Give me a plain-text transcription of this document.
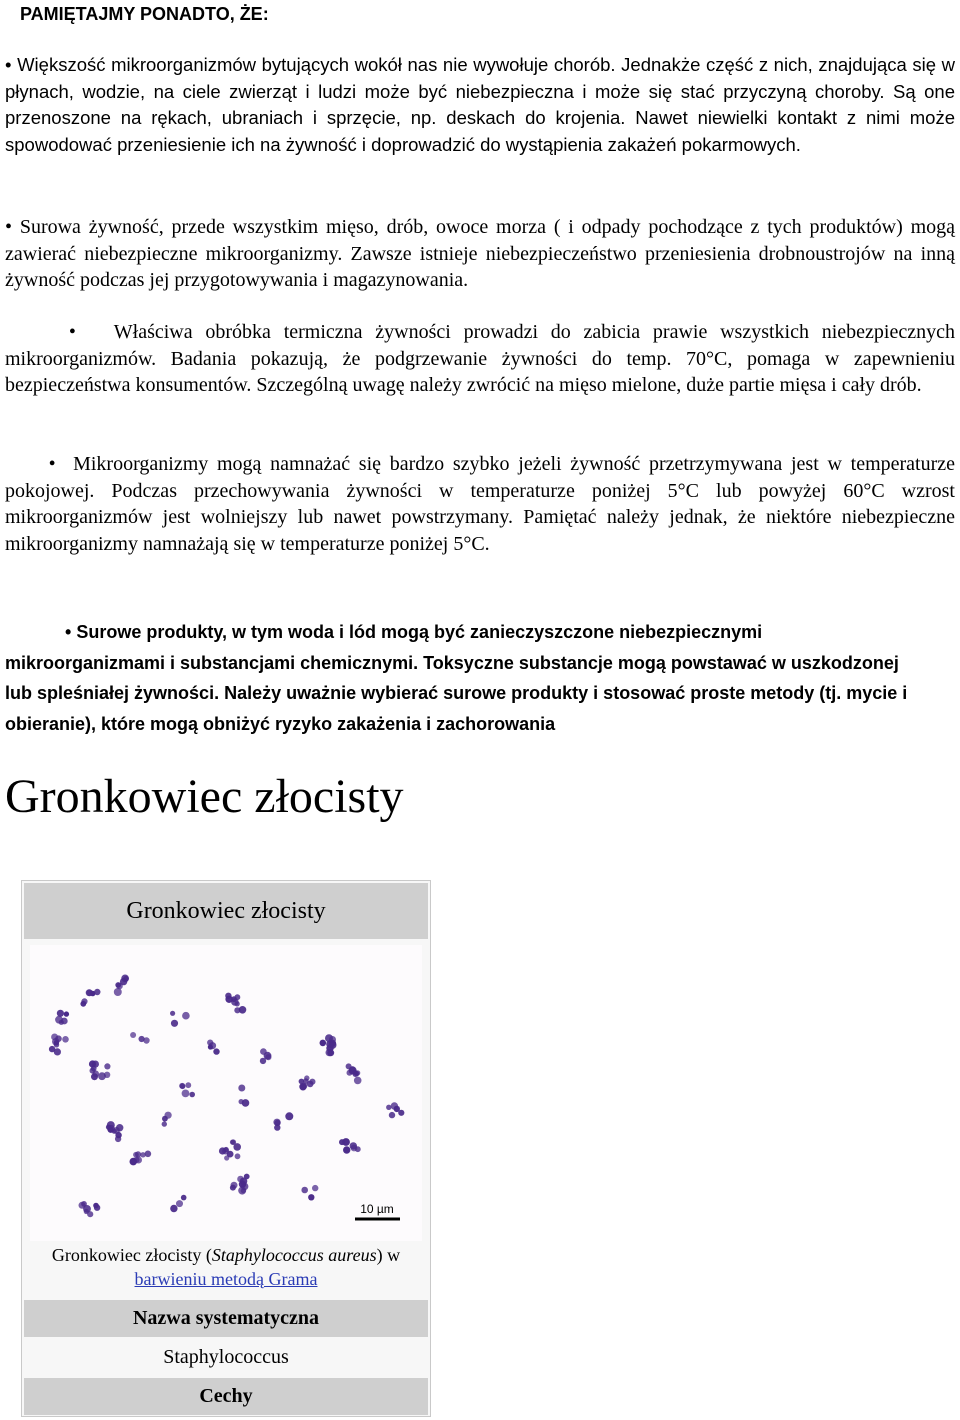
PAMIĘTAJMY PONADTO, ŻE:

• Większość mikroorganizmów bytujących wokół nas nie wywołuje chorób. Jednakże część z nich, znajdująca się w płynach, wodzie, na ciele zwierząt i ludzi może być niebezpieczna i może się stać przyczyną choroby. Są one przenoszone na rękach, ubraniach i sprzęcie, np. deskach do krojenia. Nawet niewielki kontakt z nimi może spowodować przeniesienie ich na żywność i doprowadzić do wystąpienia zakażeń pokarmowych.

• Surowa żywność, przede wszystkim mięso, drób, owoce morza ( i odpady pochodzące z tych produktów) mogą zawierać niebezpieczne mikroorganizmy. Zawsze istnieje niebezpieczeństwo przeniesienia drobnoustrojów na inną żywność podczas jej przygotowywania i magazynowania.

• Właściwa obróbka termiczna żywności prowadzi do zabicia prawie wszystkich niebezpiecznych mikroorganizmów. Badania pokazują, że podgrzewanie żywności do temp. 70°C, pomaga w zapewnieniu bezpieczeństwa konsumentów. Szczególną uwagę należy zwrócić na mięso mielone, duże partie mięsa i cały drób.

• Mikroorganizmy mogą namnażać się bardzo szybko jeżeli żywność przetrzymywana jest w temperaturze pokojowej. Podczas przechowywania żywności w temperaturze poniżej 5°C lub powyżej 60°C wzrost mikroorganizmów jest wolniejszy lub nawet powstrzymany. Pamiętać należy jednak, że niektóre niebezpieczne mikroorganizmy namnażają się w temperaturze poniżej 5°C.

• Surowe produkty, w tym woda i lód mogą być zanieczyszczone niebezpiecznymi mikroorganizmami i substancjami chemicznymi. Toksyczne substancje mogą powstawać w uszkodzonej lub spleśniałej żywności. Należy uważnie wybierać surowe produkty i stosować proste metody (tj. mycie i obieranie), które mogą obniżyć ryzyko zakażenia i zachorowania

Gronkowiec złocisty
Gronkowiec złocisty
10 µm
Gronkowiec złocisty (Staphylococcus aureus) w barwieniu metodą Grama
Nazwa systematyczna
Staphylococcus
Cechy
